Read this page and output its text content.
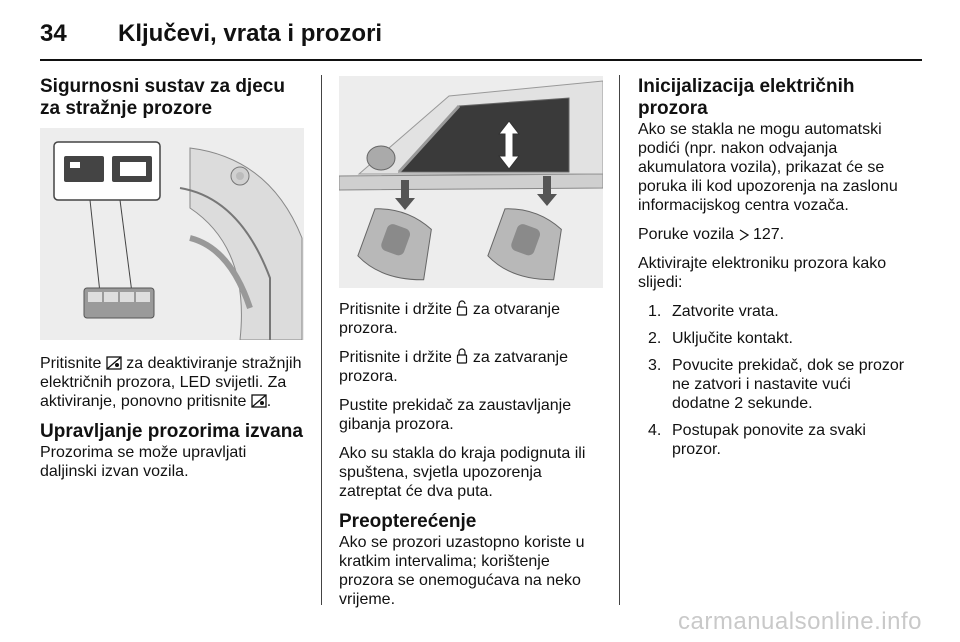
34 Ključevi, vrata i prozori
Sigurnosni sustav za djecu za stražnje prozore

Pritisnite za deaktiviranje stražnjih električnih prozora, LED svijetli. Za aktiviranje, ponovno pritisnite .

Upravljanje prozorima izvana

Prozorima se može upravljati daljinski izvan vozila.

Pritisnite i držite za otvaranje prozora.

Pritisnite i držite za zatvaranje prozora.

Pustite prekidač za zaustavljanje gibanja prozora.

Ako su stakla do kraja podignuta ili spuštena, svjetla upozorenja zatreptat će dva puta.

Preopterećenje

Ako se prozori uzastopno koriste u kratkim intervalima; korištenje prozora se onemogućava na neko vrijeme.

Inicijalizacija električnih prozora

Ako se stakla ne mogu automatski podići (npr. nakon odvajanja akumulatora vozila), prikazat će se poruka ili kod upozorenja na zaslonu informacijskog centra vozača.

Poruke vozila 127.

Aktivirajte elektroniku prozora kako slijedi:

1. Zatvorite vrata.
2. Uključite kontakt.
3. Povucite prekidač, dok se prozor ne zatvori i nastavite vući dodatne 2 sekunde.
4. Postupak ponovite za svaki prozor.
carmanualsonline.info
